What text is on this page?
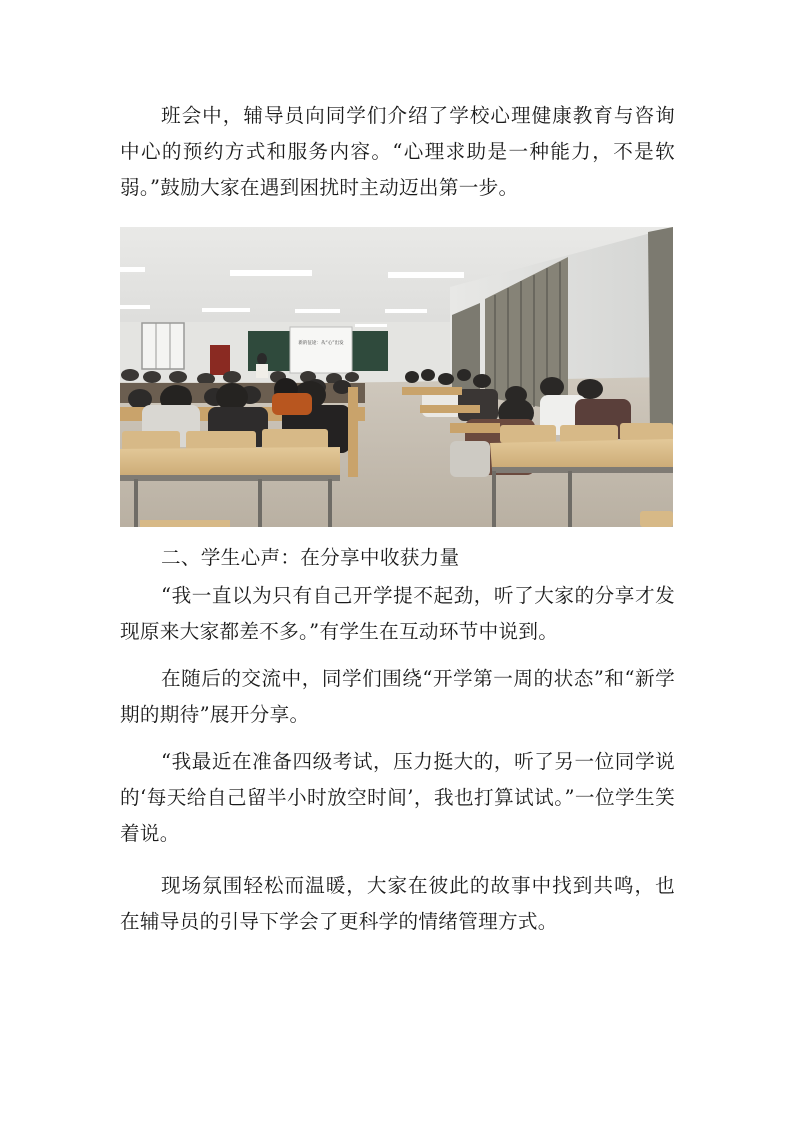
班会中，辅导员向同学们介绍了学校心理健康教育与咨询中心的预约方式和服务内容。“心理求助是一种能力，不是软弱。”鼓励大家在遇到困扰时主动迈出第一步。

新的征途：从“心”出发

二、学生心声：在分享中收获力量

“我一直以为只有自己开学提不起劲，听了大家的分享才发现原来大家都差不多。”有学生在互动环节中说到。

在随后的交流中，同学们围绕“开学第一周的状态”和“新学期的期待”展开分享。

“我最近在准备四级考试，压力挺大的，听了另一位同学说的‘每天给自己留半小时放空时间’，我也打算试试。”一位学生笑着说。

现场氛围轻松而温暖，大家在彼此的故事中找到共鸣，也在辅导员的引导下学会了更科学的情绪管理方式。
